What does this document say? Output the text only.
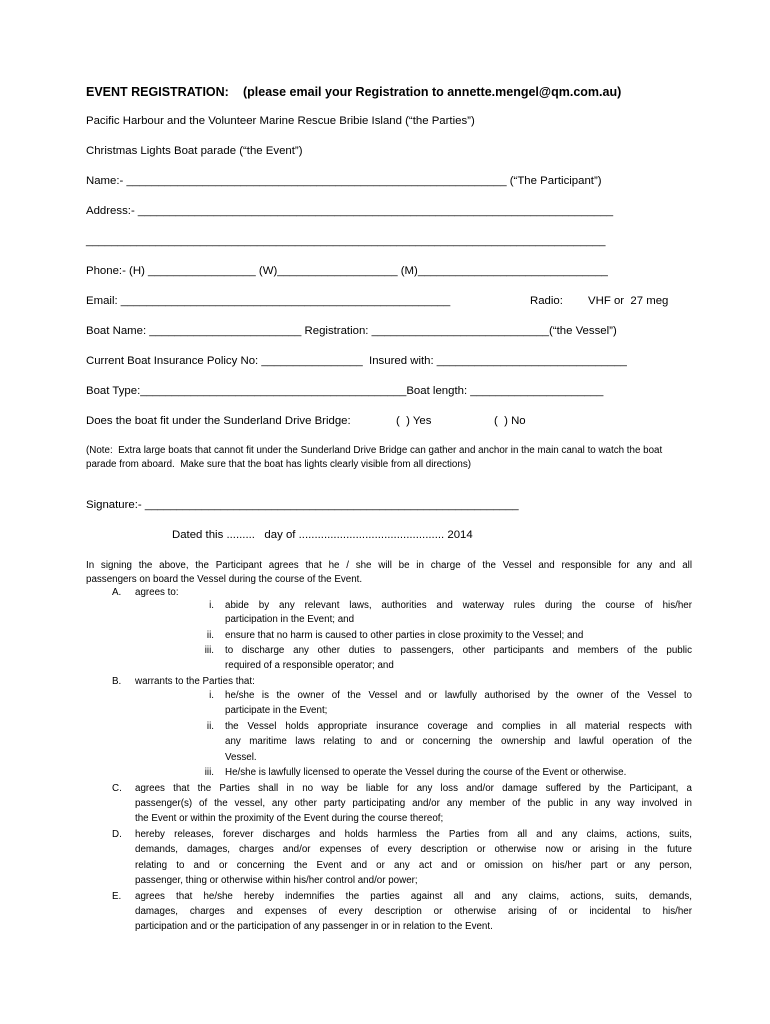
EVENT REGISTRATION: (please email your Registration to annette.mengel@qm.com.au)
Pacific Harbour and the Volunteer Marine Rescue Bribie Island (“the Parties”)
Christmas Lights Boat parade (“the Event”)
Name:- ____________________________________________________________ (“The Participant”)
Address:- ___________________________________________________________________________
__________________________________________________________________________________
Phone:- (H) _________________ (W)___________________ (M)______________________________
Email: ____________________________________________________	Radio: VHF or  27 meg
Boat Name: ________________________ Registration: ____________________________(“the Vessel”)
Current Boat Insurance Policy No: ________________  Insured with: ______________________________
Boat Type:__________________________________________Boat length: _____________________
Does the boat fit under the Sunderland Drive Bridge:	(  ) Yes	(  ) No
(Note:  Extra large boats that cannot fit under the Sunderland Drive Bridge can gather and anchor in the main canal to watch the boat
parade from aboard.  Make sure that the boat has lights clearly visible from all directions)
Signature:- ___________________________________________________________
Dated this .........   day of .............................................. 2014
In signing the above, the Participant agrees that he / she will be in charge of the Vessel and responsible for any and all
passengers on board the Vessel during the course of the Event.
A. agrees to:
i. abide by any relevant laws, authorities and waterway rules during the course of his/her
participation in the Event; and
ii. ensure that no harm is caused to other parties in close proximity to the Vessel; and
iii. to discharge any other duties to passengers, other participants and members of the public
required of a responsible operator; and
B. warrants to the Parties that:
i. he/she is the owner of the Vessel and or lawfully authorised by the owner of the Vessel to
participate in the Event;
ii. the Vessel holds appropriate insurance coverage and complies in all material respects with
any maritime laws relating to and or concerning the ownership and lawful operation of the
Vessel.
iii. He/she is lawfully licensed to operate the Vessel during the course of the Event or otherwise.
C. agrees that the Parties shall in no way be liable for any loss and/or damage suffered by the Participant, a
passenger(s) of the vessel, any other party participating and/or any member of the public in any way involved in
the Event or within the proximity of the Event during the course thereof;
D. hereby releases, forever discharges and holds harmless the Parties from all and any claims, actions, suits,
demands, damages, charges and/or expenses of every description or otherwise now or arising in the future
relating to and or concerning the Event and or any act and or omission on his/her part or any person,
passenger, thing or otherwise within his/her control and/or power;
E. agrees that he/she hereby indemnifies the parties against all and any claims, actions, suits, demands,
damages, charges and expenses of every description or otherwise arising of or incidental to his/her
participation and or the participation of any passenger in or in relation to the Event.
